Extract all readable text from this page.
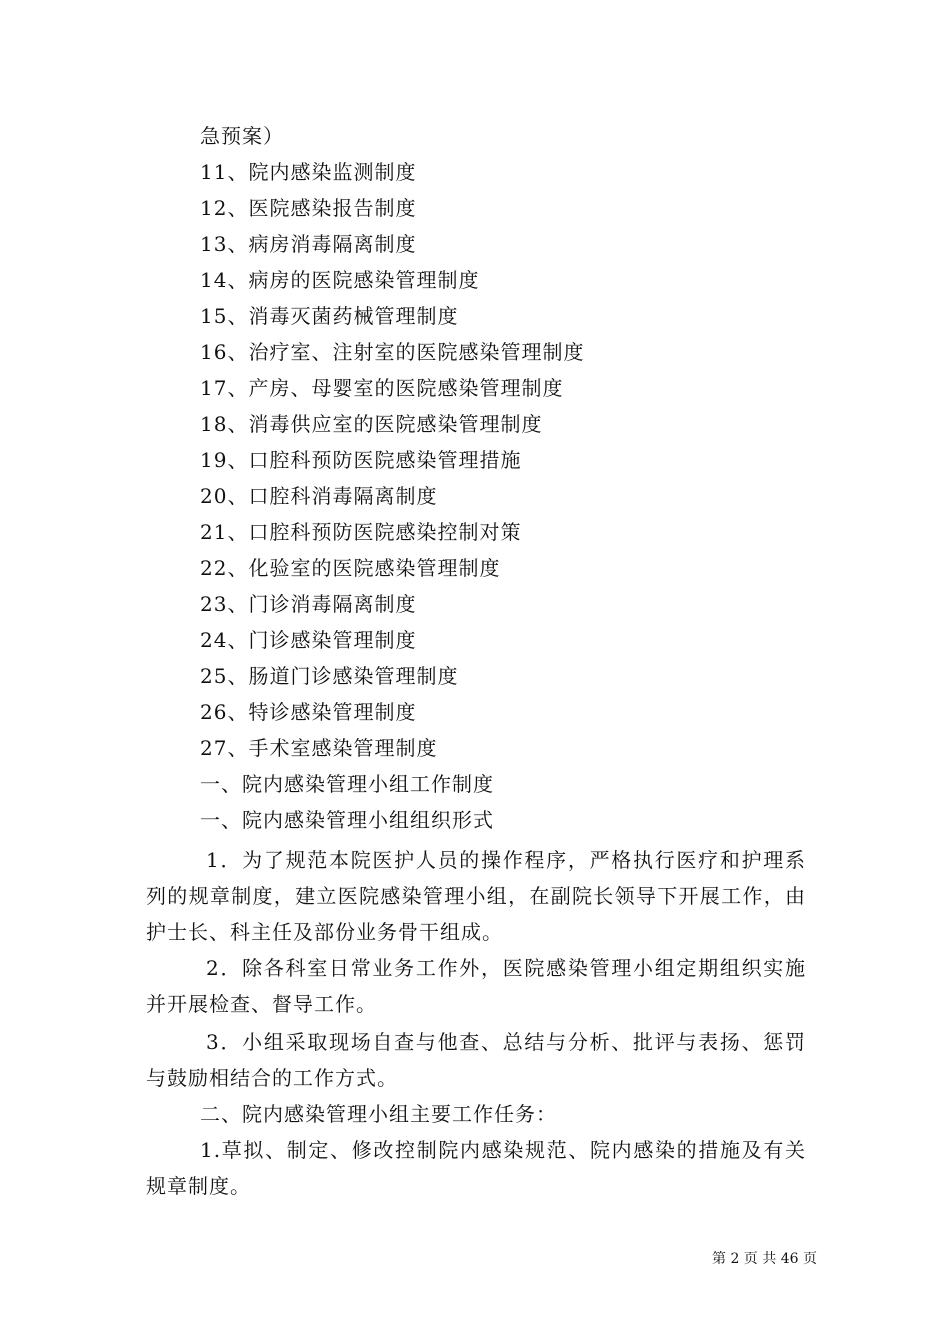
急预案）
11、院内感染监测制度
12、医院感染报告制度
13、病房消毒隔离制度
14、病房的医院感染管理制度
15、消毒灭菌药械管理制度
16、治疗室、注射室的医院感染管理制度
17、产房、母婴室的医院感染管理制度
18、消毒供应室的医院感染管理制度
19、口腔科预防医院感染管理措施
20、口腔科消毒隔离制度
21、口腔科预防医院感染控制对策
22、化验室的医院感染管理制度
23、门诊消毒隔离制度
24、门诊感染管理制度
25、肠道门诊感染管理制度
26、特诊感染管理制度
27、手术室感染管理制度
一、院内感染管理小组工作制度
一、院内感染管理小组组织形式
1．为了规范本院医护人员的操作程序，严格执行医疗和护理系列的规章制度，建立医院感染管理小组，在副院长领导下开展工作，由护士长、科主任及部份业务骨干组成。
2．除各科室日常业务工作外，医院感染管理小组定期组织实施并开展检查、督导工作。
3．小组采取现场自查与他查、总结与分析、批评与表扬、惩罚与鼓励相结合的工作方式。
二、院内感染管理小组主要工作任务：
1.草拟、制定、修改控制院内感染规范、院内感染的措施及有关规章制度。
第 2 页 共 46 页
